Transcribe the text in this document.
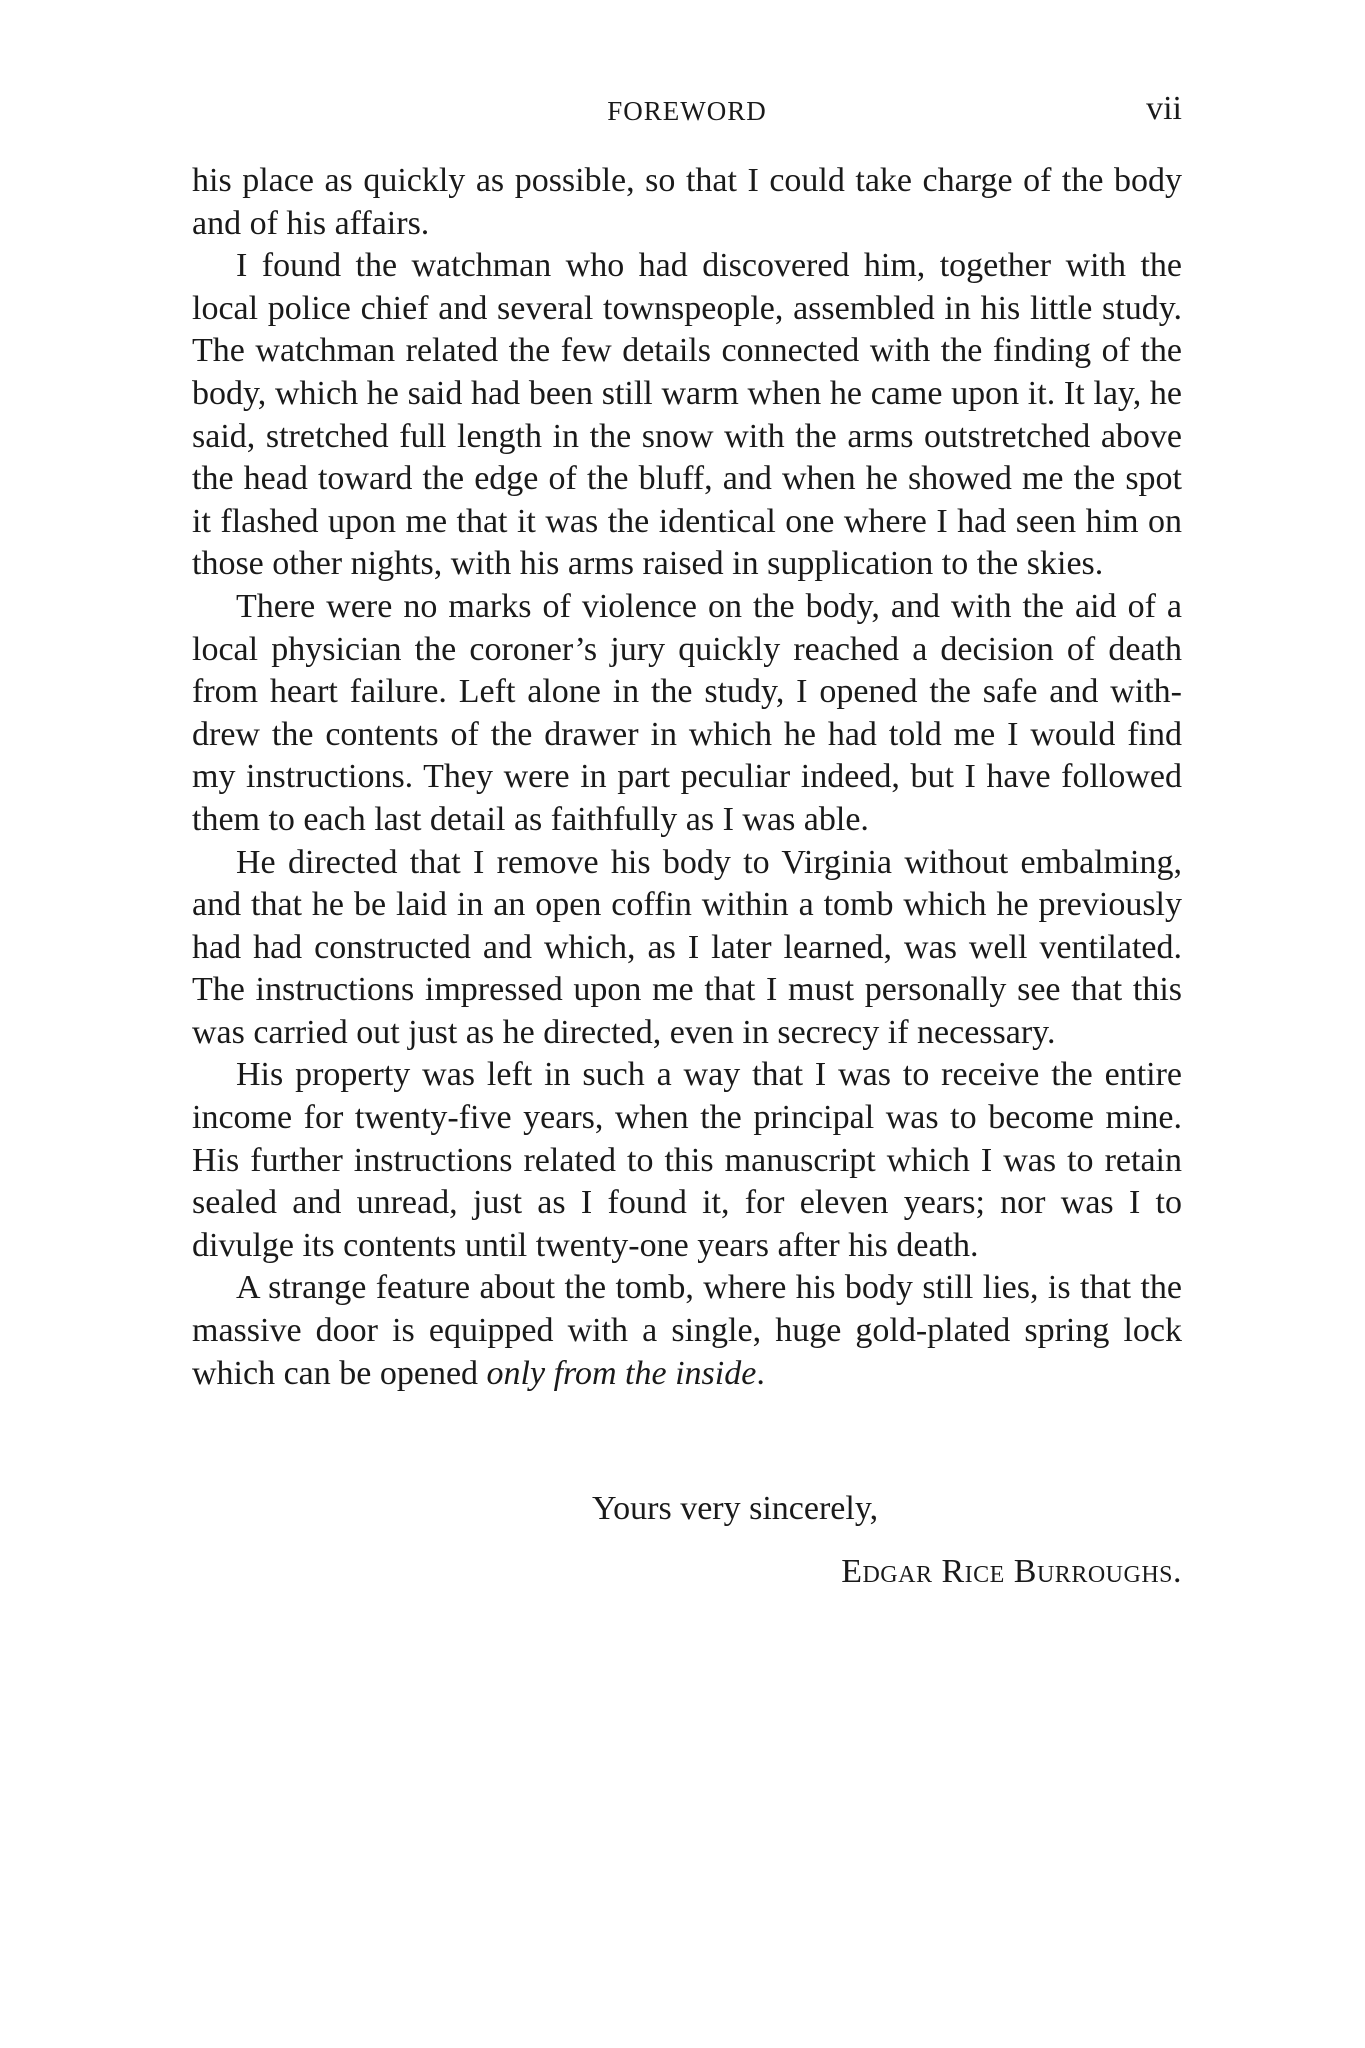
FOREWORD	vii

his place as quickly as possible, so that I could take charge of the body and of his affairs.

I found the watchman who had discovered him, together with the local police chief and several townspeople, assembled in his little study. The watchman related the few details connected with the finding of the body, which he said had been still warm when he came upon it. It lay, he said, stretched full length in the snow with the arms outstretched above the head toward the edge of the bluff, and when he showed me the spot it flashed upon me that it was the identical one where I had seen him on those other nights, with his arms raised in supplication to the skies.

There were no marks of violence on the body, and with the aid of a local physician the coroner’s jury quickly reached a decision of death from heart failure. Left alone in the study, I opened the safe and withdrew the contents of the drawer in which he had told me I would find my instructions. They were in part peculiar indeed, but I have followed them to each last detail as faithfully as I was able.

He directed that I remove his body to Virginia without embalming, and that he be laid in an open coffin within a tomb which he previously had had constructed and which, as I later learned, was well ventilated. The instructions impressed upon me that I must personally see that this was carried out just as he directed, even in secrecy if necessary.

His property was left in such a way that I was to receive the entire income for twenty-five years, when the principal was to become mine. His further instructions related to this manuscript which I was to retain sealed and unread, just as I found it, for eleven years; nor was I to divulge its contents until twenty-one years after his death.

A strange feature about the tomb, where his body still lies, is that the massive door is equipped with a single, huge gold-plated spring lock which can be opened only from the inside.

Yours very sincerely,
Edgar Rice Burroughs.
